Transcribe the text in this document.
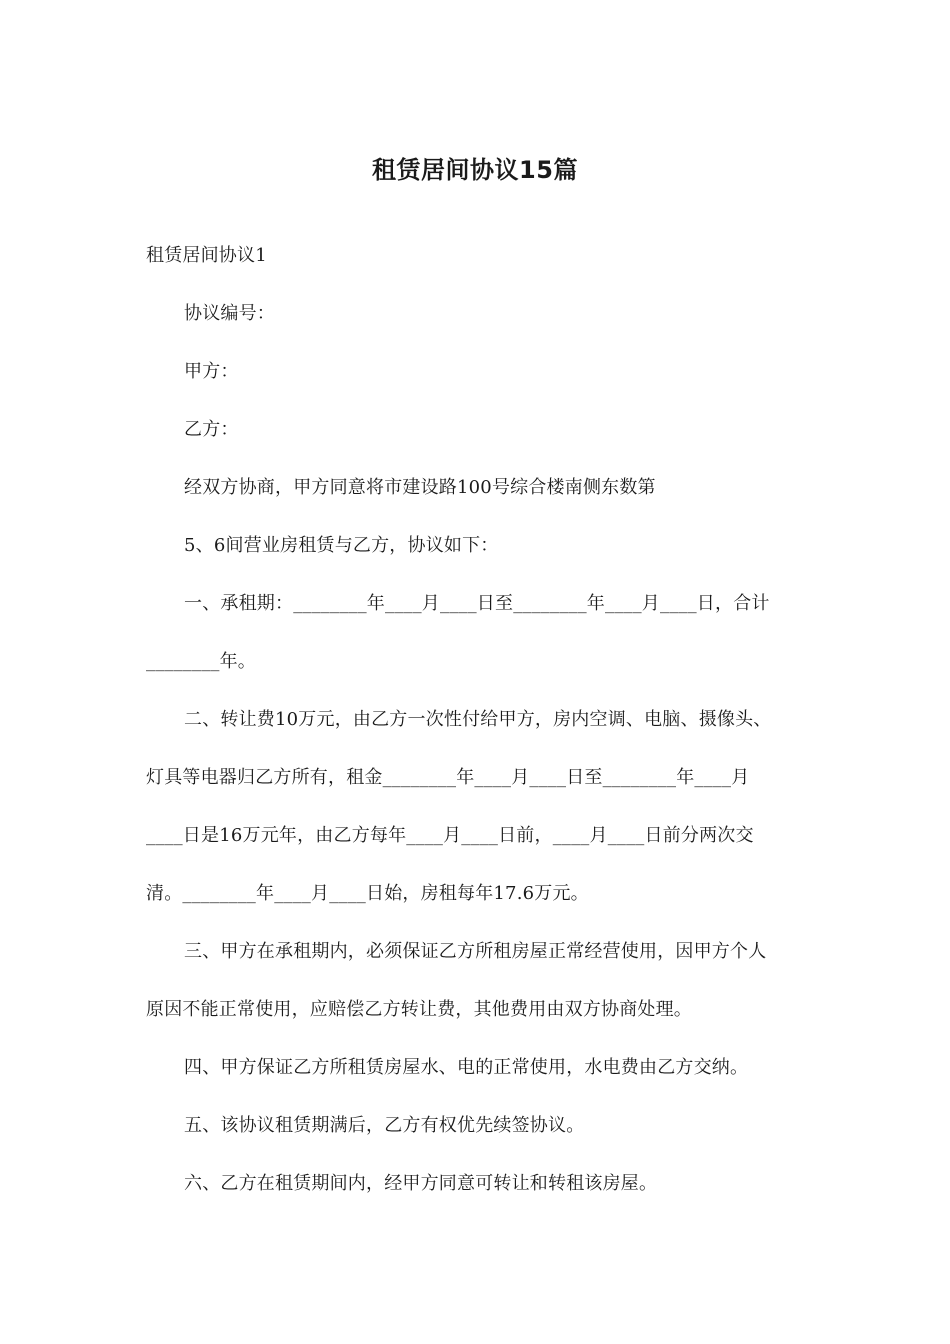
租赁居间协议15篇
租赁居间协议1
协议编号：
甲方：
乙方：
经双方协商，甲方同意将市建设路100号综合楼南侧东数第
5、6间营业房租赁与乙方，协议如下：
一、承租期：________年____月____日至________年____月____日，合计
________年。
二、转让费10万元，由乙方一次性付给甲方，房内空调、电脑、摄像头、
灯具等电器归乙方所有，租金________年____月____日至________年____月
____日是16万元年，由乙方每年____月____日前，____月____日前分两次交
清。________年____月____日始，房租每年17.6万元。
三、甲方在承租期内，必须保证乙方所租房屋正常经营使用，因甲方个人
原因不能正常使用，应赔偿乙方转让费，其他费用由双方协商处理。
四、甲方保证乙方所租赁房屋水、电的正常使用，水电费由乙方交纳。
五、该协议租赁期满后，乙方有权优先续签协议。
六、乙方在租赁期间内，经甲方同意可转让和转租该房屋。
